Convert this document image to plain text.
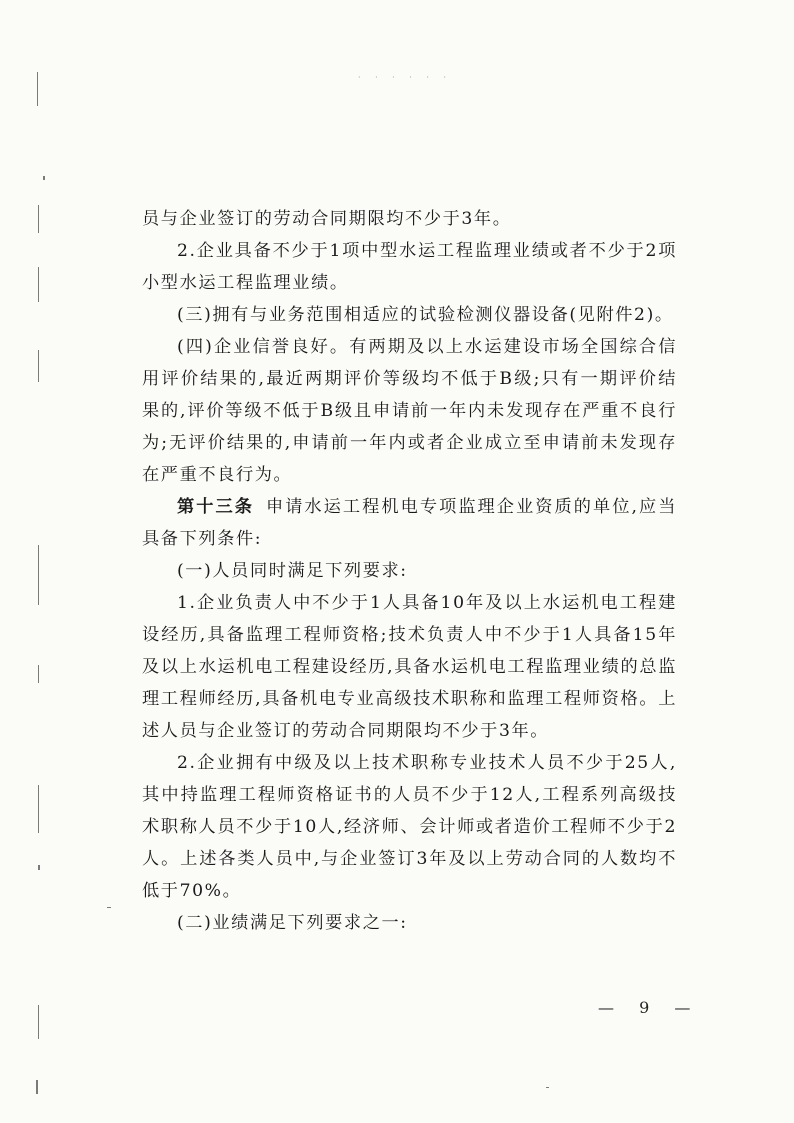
· · · · · ·

员与企业签订的劳动合同期限均不少于3年。

2.企业具备不少于1项中型水运工程监理业绩或者不少于2项小型水运工程监理业绩。

(三)拥有与业务范围相适应的试验检测仪器设备(见附件2)。

(四)企业信誉良好。有两期及以上水运建设市场全国综合信用评价结果的,最近两期评价等级均不低于B级;只有一期评价结果的,评价等级不低于B级且申请前一年内未发现存在严重不良行为;无评价结果的,申请前一年内或者企业成立至申请前未发现存在严重不良行为。

第十三条 申请水运工程机电专项监理企业资质的单位,应当具备下列条件:

(一)人员同时满足下列要求:

1.企业负责人中不少于1人具备10年及以上水运机电工程建设经历,具备监理工程师资格;技术负责人中不少于1人具备15年及以上水运机电工程建设经历,具备水运机电工程监理业绩的总监理工程师经历,具备机电专业高级技术职称和监理工程师资格。上述人员与企业签订的劳动合同期限均不少于3年。

2.企业拥有中级及以上技术职称专业技术人员不少于25人,其中持监理工程师资格证书的人员不少于12人,工程系列高级技术职称人员不少于10人,经济师、会计师或者造价工程师不少于2人。上述各类人员中,与企业签订3年及以上劳动合同的人数均不低于70%。

(二)业绩满足下列要求之一:

— 9 —
